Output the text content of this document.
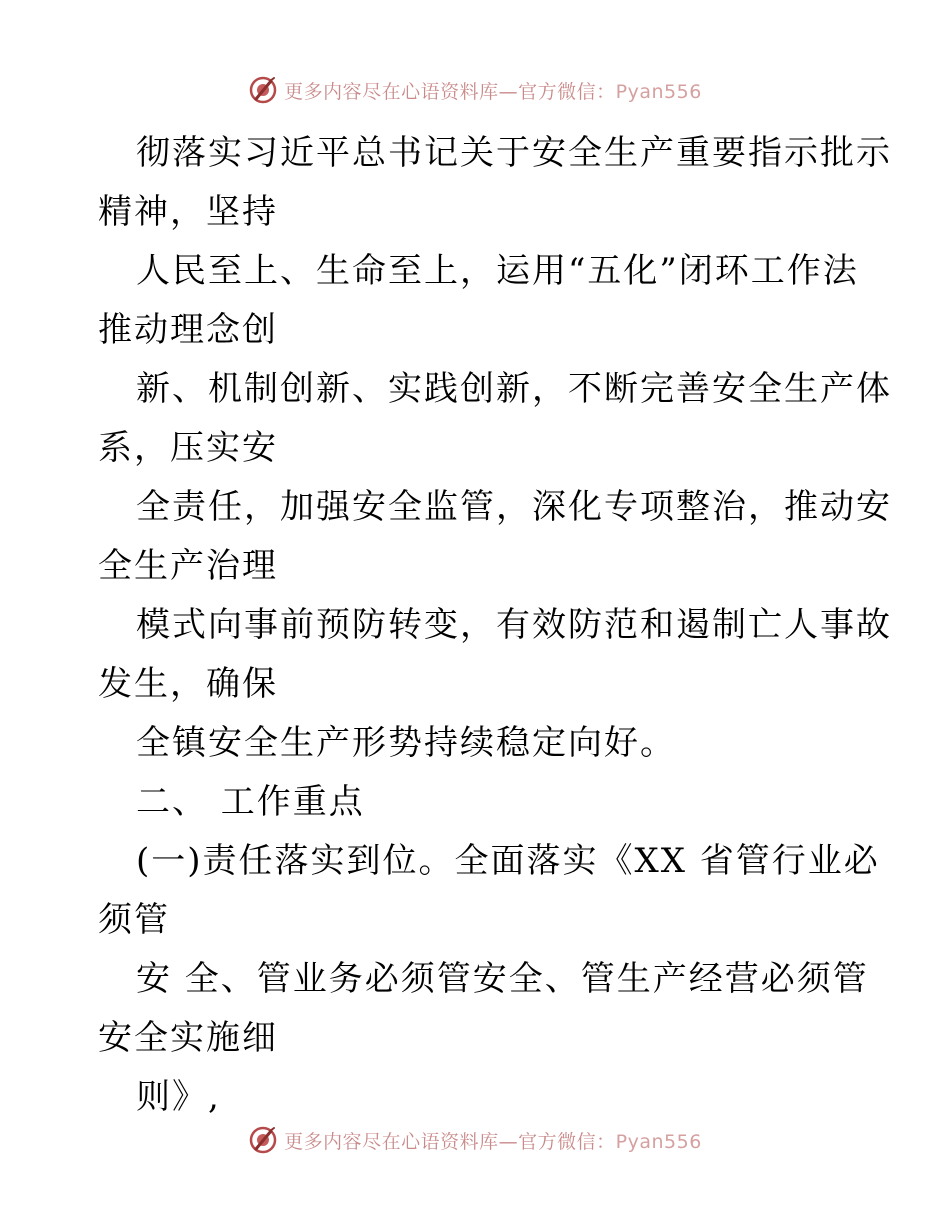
更多内容尽在心语资料库—官方微信：Pyan556
彻落实习近平总书记关于安全生产重要指示批示
精神，坚持
人民至上、生命至上，运用“五化”闭环工作法
推动理念创
新、机制创新、实践创新，不断完善安全生产体
系，压实安
全责任，加强安全监管，深化专项整治，推动安
全生产治理
模式向事前预防转变，有效防范和遏制亡人事故
发生，确保
全镇安全生产形势持续稳定向好。
二、 工作重点
(一)责任落实到位。全面落实《XX 省管行业必
须管
安 全、管业务必须管安全、管生产经营必须管
安全实施细
则》,
更多内容尽在心语资料库—官方微信：Pyan556
